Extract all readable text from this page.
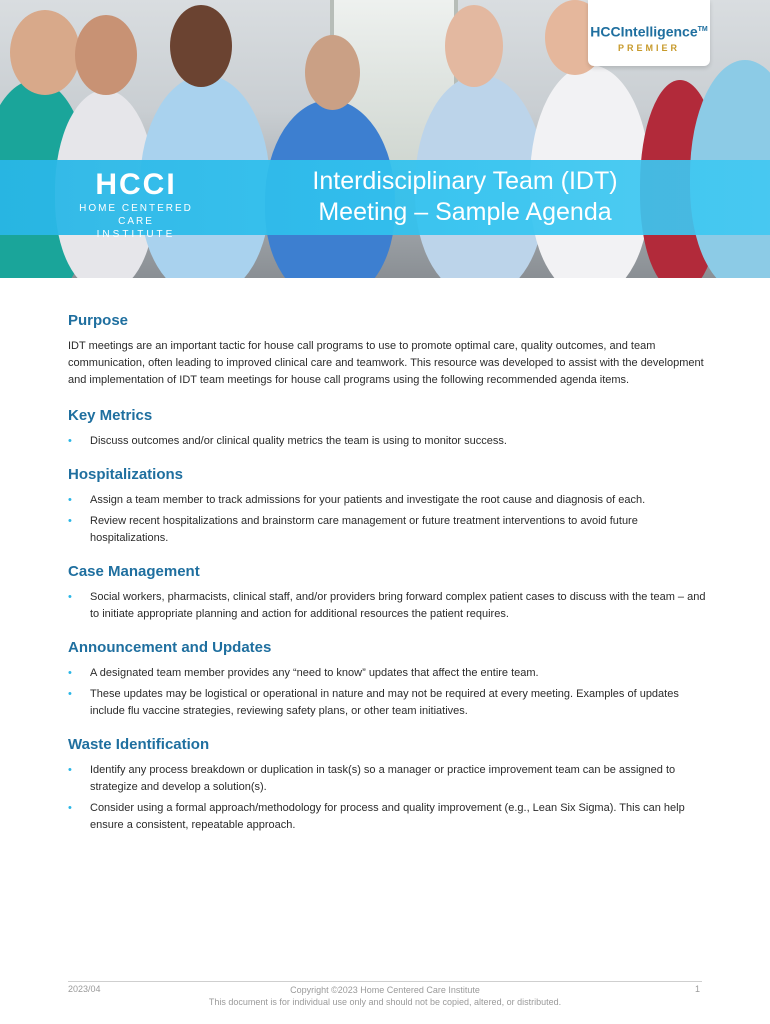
HCCI
HOME CENTERED CARE
INSTITUTE
Interdisciplinary Team (IDT)
Meeting – Sample Agenda
HCCIntelligence™
PREMIER
Purpose

IDT meetings are an important tactic for house call programs to use to promote optimal care, quality outcomes, and team communication, often leading to improved clinical care and teamwork. This resource was developed to assist with the development and implementation of IDT team meetings for house call programs using the following recommended agenda items.

Key Metrics
• Discuss outcomes and/or clinical quality metrics the team is using to monitor success.
Hospitalizations
• Assign a team member to track admissions for your patients and investigate the root cause and diagnosis of each.
• Review recent hospitalizations and brainstorm care management or future treatment interventions to avoid future hospitalizations.
Case Management
• Social workers, pharmacists, clinical staff, and/or providers bring forward complex patient cases to discuss with the team – and to initiate appropriate planning and action for additional resources the patient requires.
Announcement and Updates
• A designated team member provides any “need to know” updates that affect the entire team.
• These updates may be logistical or operational in nature and may not be required at every meeting. Examples of updates include flu vaccine strategies, reviewing safety plans, or other team initiatives.
Waste Identification
• Identify any process breakdown or duplication in task(s) so a manager or practice improvement team can be assigned to strategize and develop a solution(s).
• Consider using a formal approach/methodology for process and quality improvement (e.g., Lean Six Sigma). This can help ensure a consistent, repeatable approach.
2023/04	Copyright ©2023 Home Centered Care Institute
This document is for individual use only and should not be copied, altered, or distributed.
1
